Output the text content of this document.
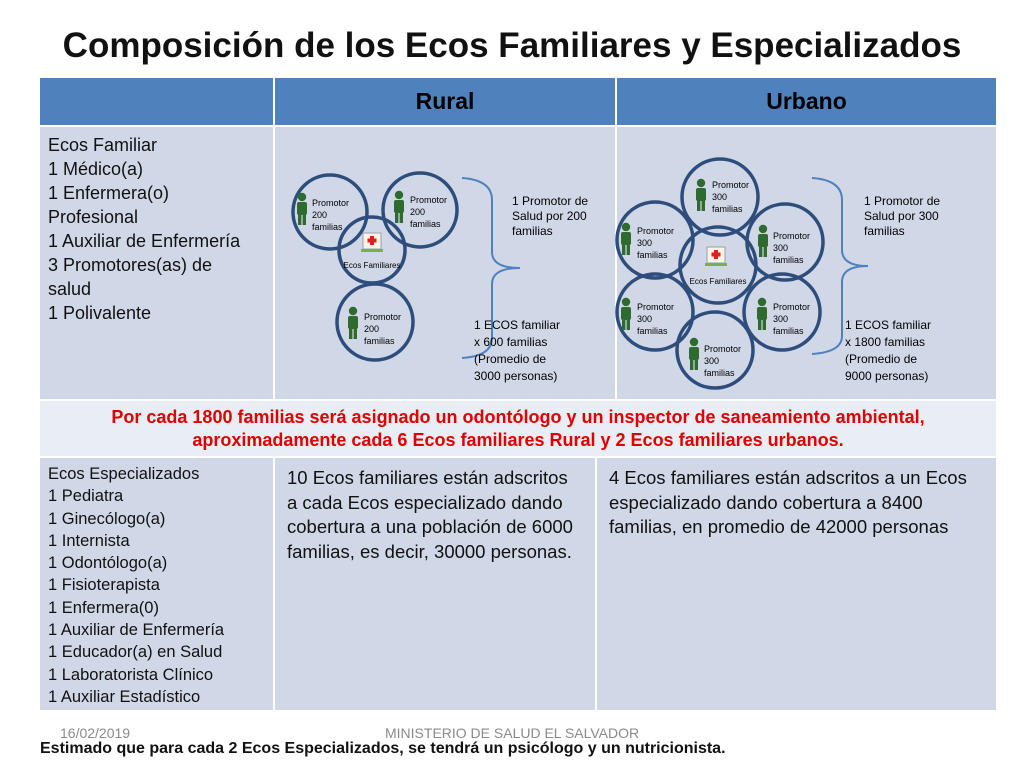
Composición de los Ecos Familiares y Especializados
Rural	Urbano
Ecos Familiar
1 Médico(a)
1 Enfermera(o)
Profesional
1 Auxiliar de Enfermería
3 Promotores(as) de
salud
1 Polivalente
Promotor
200
familias
Promotor
200
familias
Ecos Familiares
Promotor
200
familias
1 Promotor de
Salud por 200
familias
1 ECOS familiar
x 600 familias
(Promedio de
3000 personas)
Promotor
300
familias
Promotor
300
familias
Promotor
300
familias
Ecos Familiares
Promotor
300
familias
Promotor
300
familias
Promotor
300
familias
1 Promotor de
Salud por 300
familias
1 ECOS familiar
x 1800 familias
(Promedio de
9000 personas)
Por cada 1800 familias será asignado un odontólogo y un inspector de saneamiento ambiental,
aproximadamente cada 6 Ecos familiares Rural y 2 Ecos familiares urbanos.
Ecos Especializados
1 Pediatra
1 Ginecólogo(a)
1 Internista
1 Odontólogo(a)
1 Fisioterapista
1 Enfermera(0)
1 Auxiliar de Enfermería
1 Educador(a) en Salud
1 Laboratorista Clínico
1 Auxiliar Estadístico
10 Ecos familiares están adscritos a cada Ecos especializado dando cobertura a una población de 6000 familias, es decir, 30000 personas.
4 Ecos familiares están adscritos a un Ecos especializado dando cobertura a 8400 familias, en promedio de 42000 personas
16/02/2019	MINISTERIO DE SALUD EL SALVADOR
Estimado que para cada 2 Ecos Especializados, se tendrá un psicólogo y un nutricionista.
